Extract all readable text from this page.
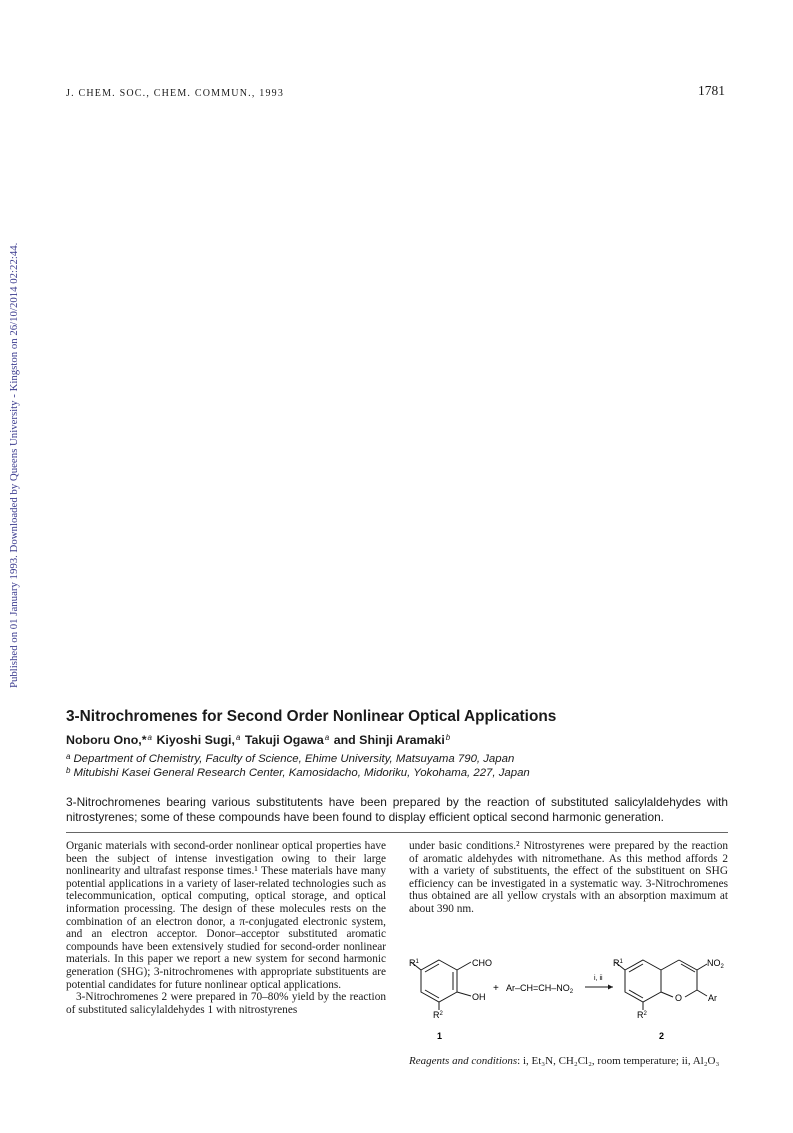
J. CHEM. SOC., CHEM. COMMUN., 1993	1781
Published on 01 January 1993. Downloaded by Queens University - Kingston on 26/10/2014 02:22:44.
3-Nitrochromenes for Second Order Nonlinear Optical Applications
Noboru Ono,*$^a$ Kiyoshi Sugi,$^a$ Takuji Ogawa$^a$ and Shinji Aramaki$^b$
$^a$ Department of Chemistry, Faculty of Science, Ehime University, Matsuyama 790, Japan
$^b$ Mitubishi Kasei General Research Center, Kamosidacho, Midoriku, Yokohama, 227, Japan

3-Nitrochromenes bearing various substitutents have been prepared by the reaction of substituted salicylaldehydes with nitrostyrenes; some of these compounds have been found to display efficient optical second harmonic generation.

Organic materials with second-order nonlinear optical properties have been the subject of intense investigation owing to their large nonlinearity and ultrafast response times.¹ These materials have many potential applications in a variety of laser-related technologies such as telecommunication, optical computing, optical storage, and optical information processing. The design of these molecules rests on the combination of an electron donor, a π-conjugated electronic system, and an electron acceptor. Donor–acceptor substituted aromatic compounds have been extensively studied for second-order nonlinear materials. In this paper we report a new system for second harmonic generation (SHG); 3-nitrochromenes with appropriate substituents are potential candidates for future nonlinear optical applications.

3-Nitrochromenes 2 were prepared in 70–80% yield by the reaction of substituted salicylaldehydes 1 with nitrostyrenes

under basic conditions.² Nitrostyrenes were prepared by the reaction of aromatic aldehydes with nitromethane. As this method affords 2 with a variety of substituents, the effect of the substituent on SHG efficiency can be investigated in a systematic way. 3-Nitrochromenes thus obtained are all yellow crystals with an absorption maximum at about 390 nm.

$R^1$	CHO
OH
$R^2$
1
+ $Ar-CH=CH-NO_2$
i, ii
$R^1$	$NO_2$
O	Ar
$R^2$
2
Reagents and conditions: i, Et₃N, CH₂Cl₂, room temperature; ii, Al₂O₃
